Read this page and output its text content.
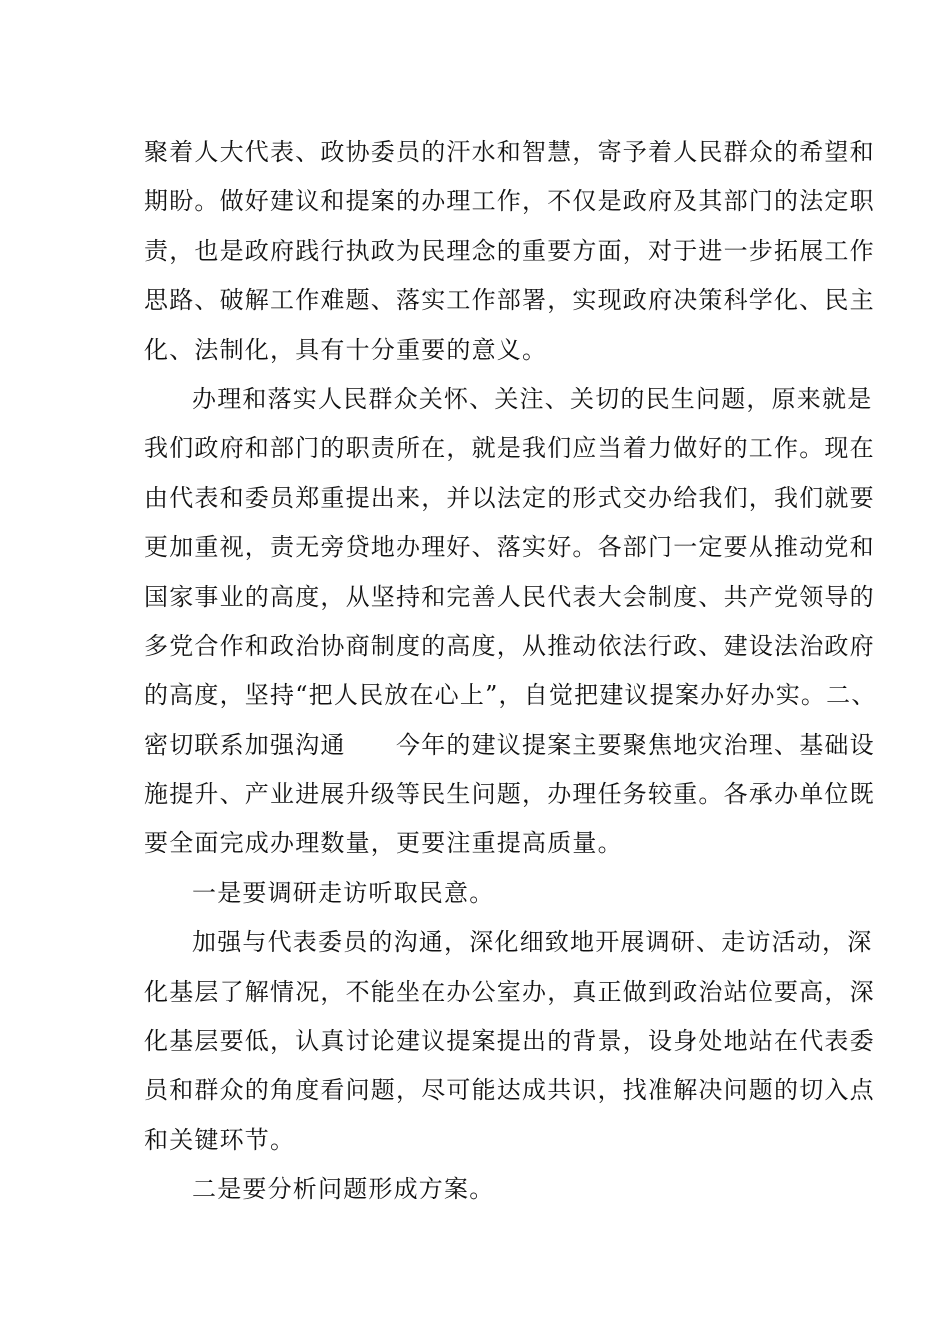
聚着人大代表、政协委员的汗水和智慧，寄予着人民群众的希望和
期盼。做好建议和提案的办理工作，不仅是政府及其部门的法定职
责，也是政府践行执政为民理念的重要方面，对于进一步拓展工作
思路、破解工作难题、落实工作部署，实现政府决策科学化、民主
化、法制化，具有十分重要的意义。
办理和落实人民群众关怀、关注、关切的民生问题，原来就是
我们政府和部门的职责所在，就是我们应当着力做好的工作。现在
由代表和委员郑重提出来，并以法定的形式交办给我们，我们就要
更加重视，责无旁贷地办理好、落实好。各部门一定要从推动党和
国家事业的高度，从坚持和完善人民代表大会制度、共产党领导的
多党合作和政治协商制度的高度，从推动依法行政、建设法治政府
的高度，坚持“把人民放在心上”，自觉把建议提案办好办实。二、
密切联系加强沟通　　今年的建议提案主要聚焦地灾治理、基础设
施提升、产业进展升级等民生问题，办理任务较重。各承办单位既
要全面完成办理数量，更要注重提高质量。
一是要调研走访听取民意。
加强与代表委员的沟通，深化细致地开展调研、走访活动，深
化基层了解情况，不能坐在办公室办，真正做到政治站位要高，深
化基层要低，认真讨论建议提案提出的背景，设身处地站在代表委
员和群众的角度看问题，尽可能达成共识，找准解决问题的切入点
和关键环节。
二是要分析问题形成方案。
